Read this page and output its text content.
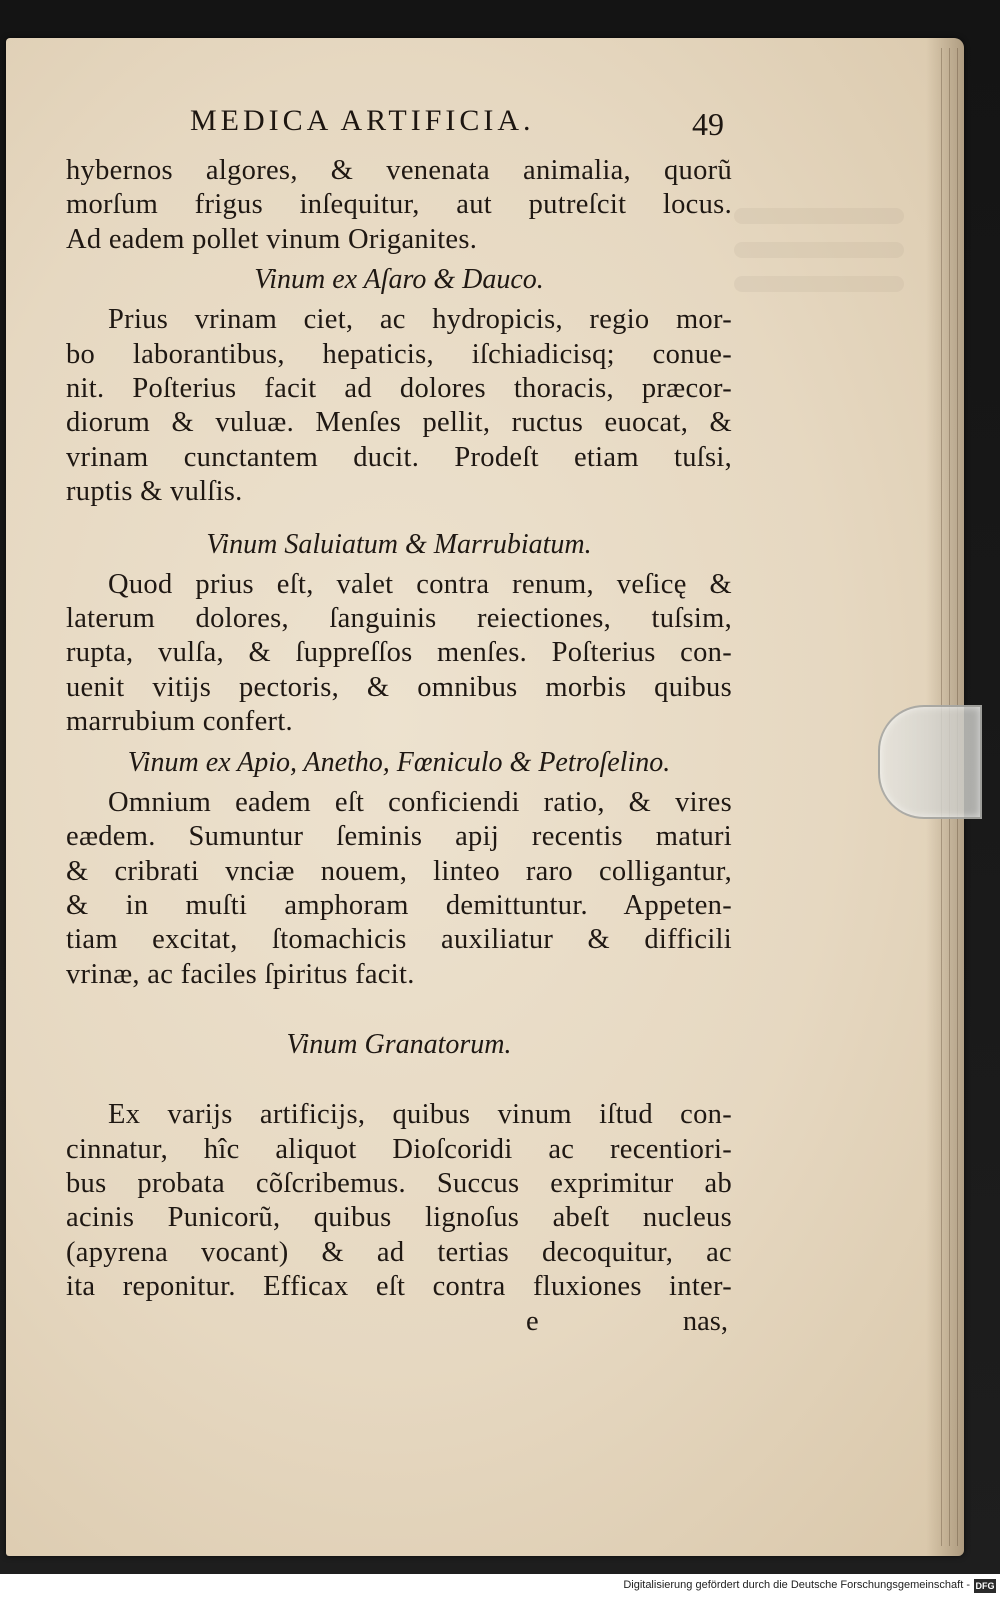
MEDICA ARTIFICIA.	49
hybernos algores, & venenata animalia, quorũ
morſum frigus inſequitur, aut putreſcit locus.
Ad eadem pollet vinum Origanites.
Vinum ex Aſaro & Dauco.
Prius vrinam ciet, ac hydropicis, regio mor-
bo laborantibus, hepaticis, iſchiadicisq; conue-
nit. Poſterius facit ad dolores thoracis, præcor-
diorum & vuluæ. Menſes pellit, ructus euocat, &
vrinam cunctantem ducit. Prodeſt etiam tuſsi,
ruptis & vulſis.
Vinum Saluiatum & Marrubiatum.
Quod prius eſt, valet contra renum, veſicę &
laterum dolores, ſanguinis reiectiones, tuſsim,
rupta, vulſa, & ſuppreſſos menſes. Poſterius con-
uenit vitijs pectoris, & omnibus morbis quibus
marrubium confert.
Vinum ex Apio, Anetho, Fœniculo & Petroſelino.
Omnium eadem eſt conficiendi ratio, & vires
eædem. Sumuntur ſeminis apij recentis maturi
& cribrati vnciæ nouem, linteo raro colligantur,
& in muſti amphoram demittuntur. Appeten-
tiam excitat, ſtomachicis auxiliatur & difficili
vrinæ, ac faciles ſpiritus facit.
Vinum Granatorum.
Ex varijs artificijs, quibus vinum iſtud con-
cinnatur, hîc aliquot Dioſcoridi ac recentiori-
bus probata cõſcribemus. Succus exprimitur ab
acinis Punicorũ, quibus lignoſus abeſt nucleus
(apyrena vocant) & ad tertias decoquitur, ac
ita reponitur. Efficax eſt contra fluxiones inter-
e	nas,
Digitalisierung gefördert durch die Deutsche Forschungsgemeinschaft - DFG
